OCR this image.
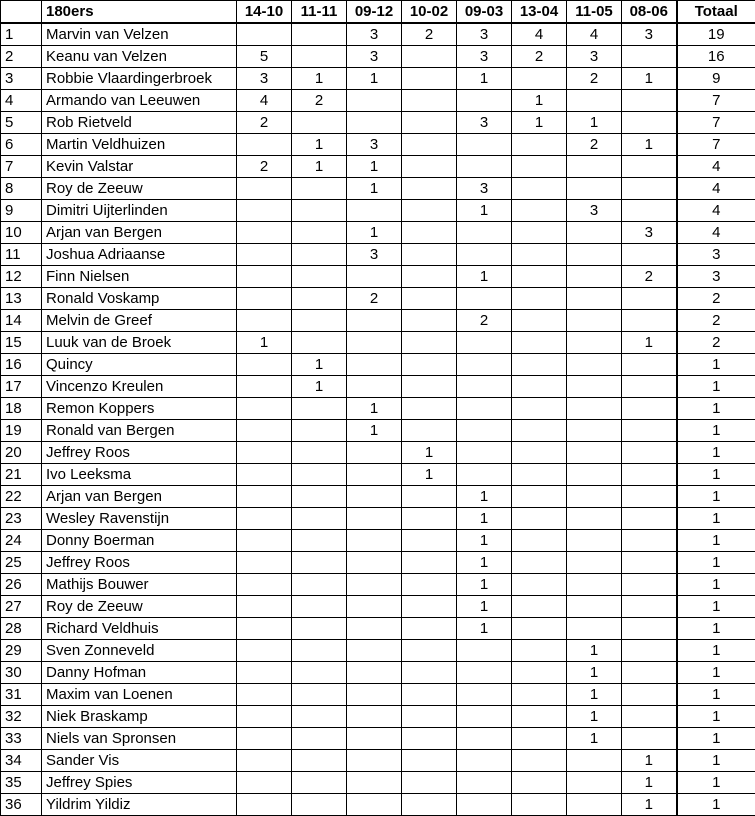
	180ers	14-10	11-11	09-12	10-02	09-03	13-04	11-05	08-06	Totaal
1	Marvin van Velzen			3	2	3	4	4	3	19
2	Keanu van Velzen	5		3		3	2	3		16
3	Robbie Vlaardingerbroek	3	1	1		1		2	1	9
4	Armando van Leeuwen	4	2				1			7
5	Rob Rietveld	2				3	1	1		7
6	Martin Veldhuizen		1	3				2	1	7
7	Kevin Valstar	2	1	1						4
8	Roy de Zeeuw			1		3				4
9	Dimitri Uijterlinden					1		3		4
10	Arjan van Bergen			1					3	4
11	Joshua Adriaanse			3						3
12	Finn Nielsen					1			2	3
13	Ronald Voskamp			2						2
14	Melvin de Greef					2				2
15	Luuk van de Broek	1							1	2
16	Quincy		1							1
17	Vincenzo Kreulen		1							1
18	Remon Koppers			1						1
19	Ronald van Bergen			1						1
20	Jeffrey Roos				1					1
21	Ivo Leeksma				1					1
22	Arjan van Bergen					1				1
23	Wesley Ravenstijn					1				1
24	Donny Boerman					1				1
25	Jeffrey Roos					1				1
26	Mathijs Bouwer					1				1
27	Roy de Zeeuw					1				1
28	Richard Veldhuis					1				1
29	Sven Zonneveld							1		1
30	Danny Hofman							1		1
31	Maxim van Loenen							1		1
32	Niek Braskamp							1		1
33	Niels van Spronsen							1		1
34	Sander Vis								1	1
35	Jeffrey Spies								1	1
36	Yildrim Yildiz								1	1
